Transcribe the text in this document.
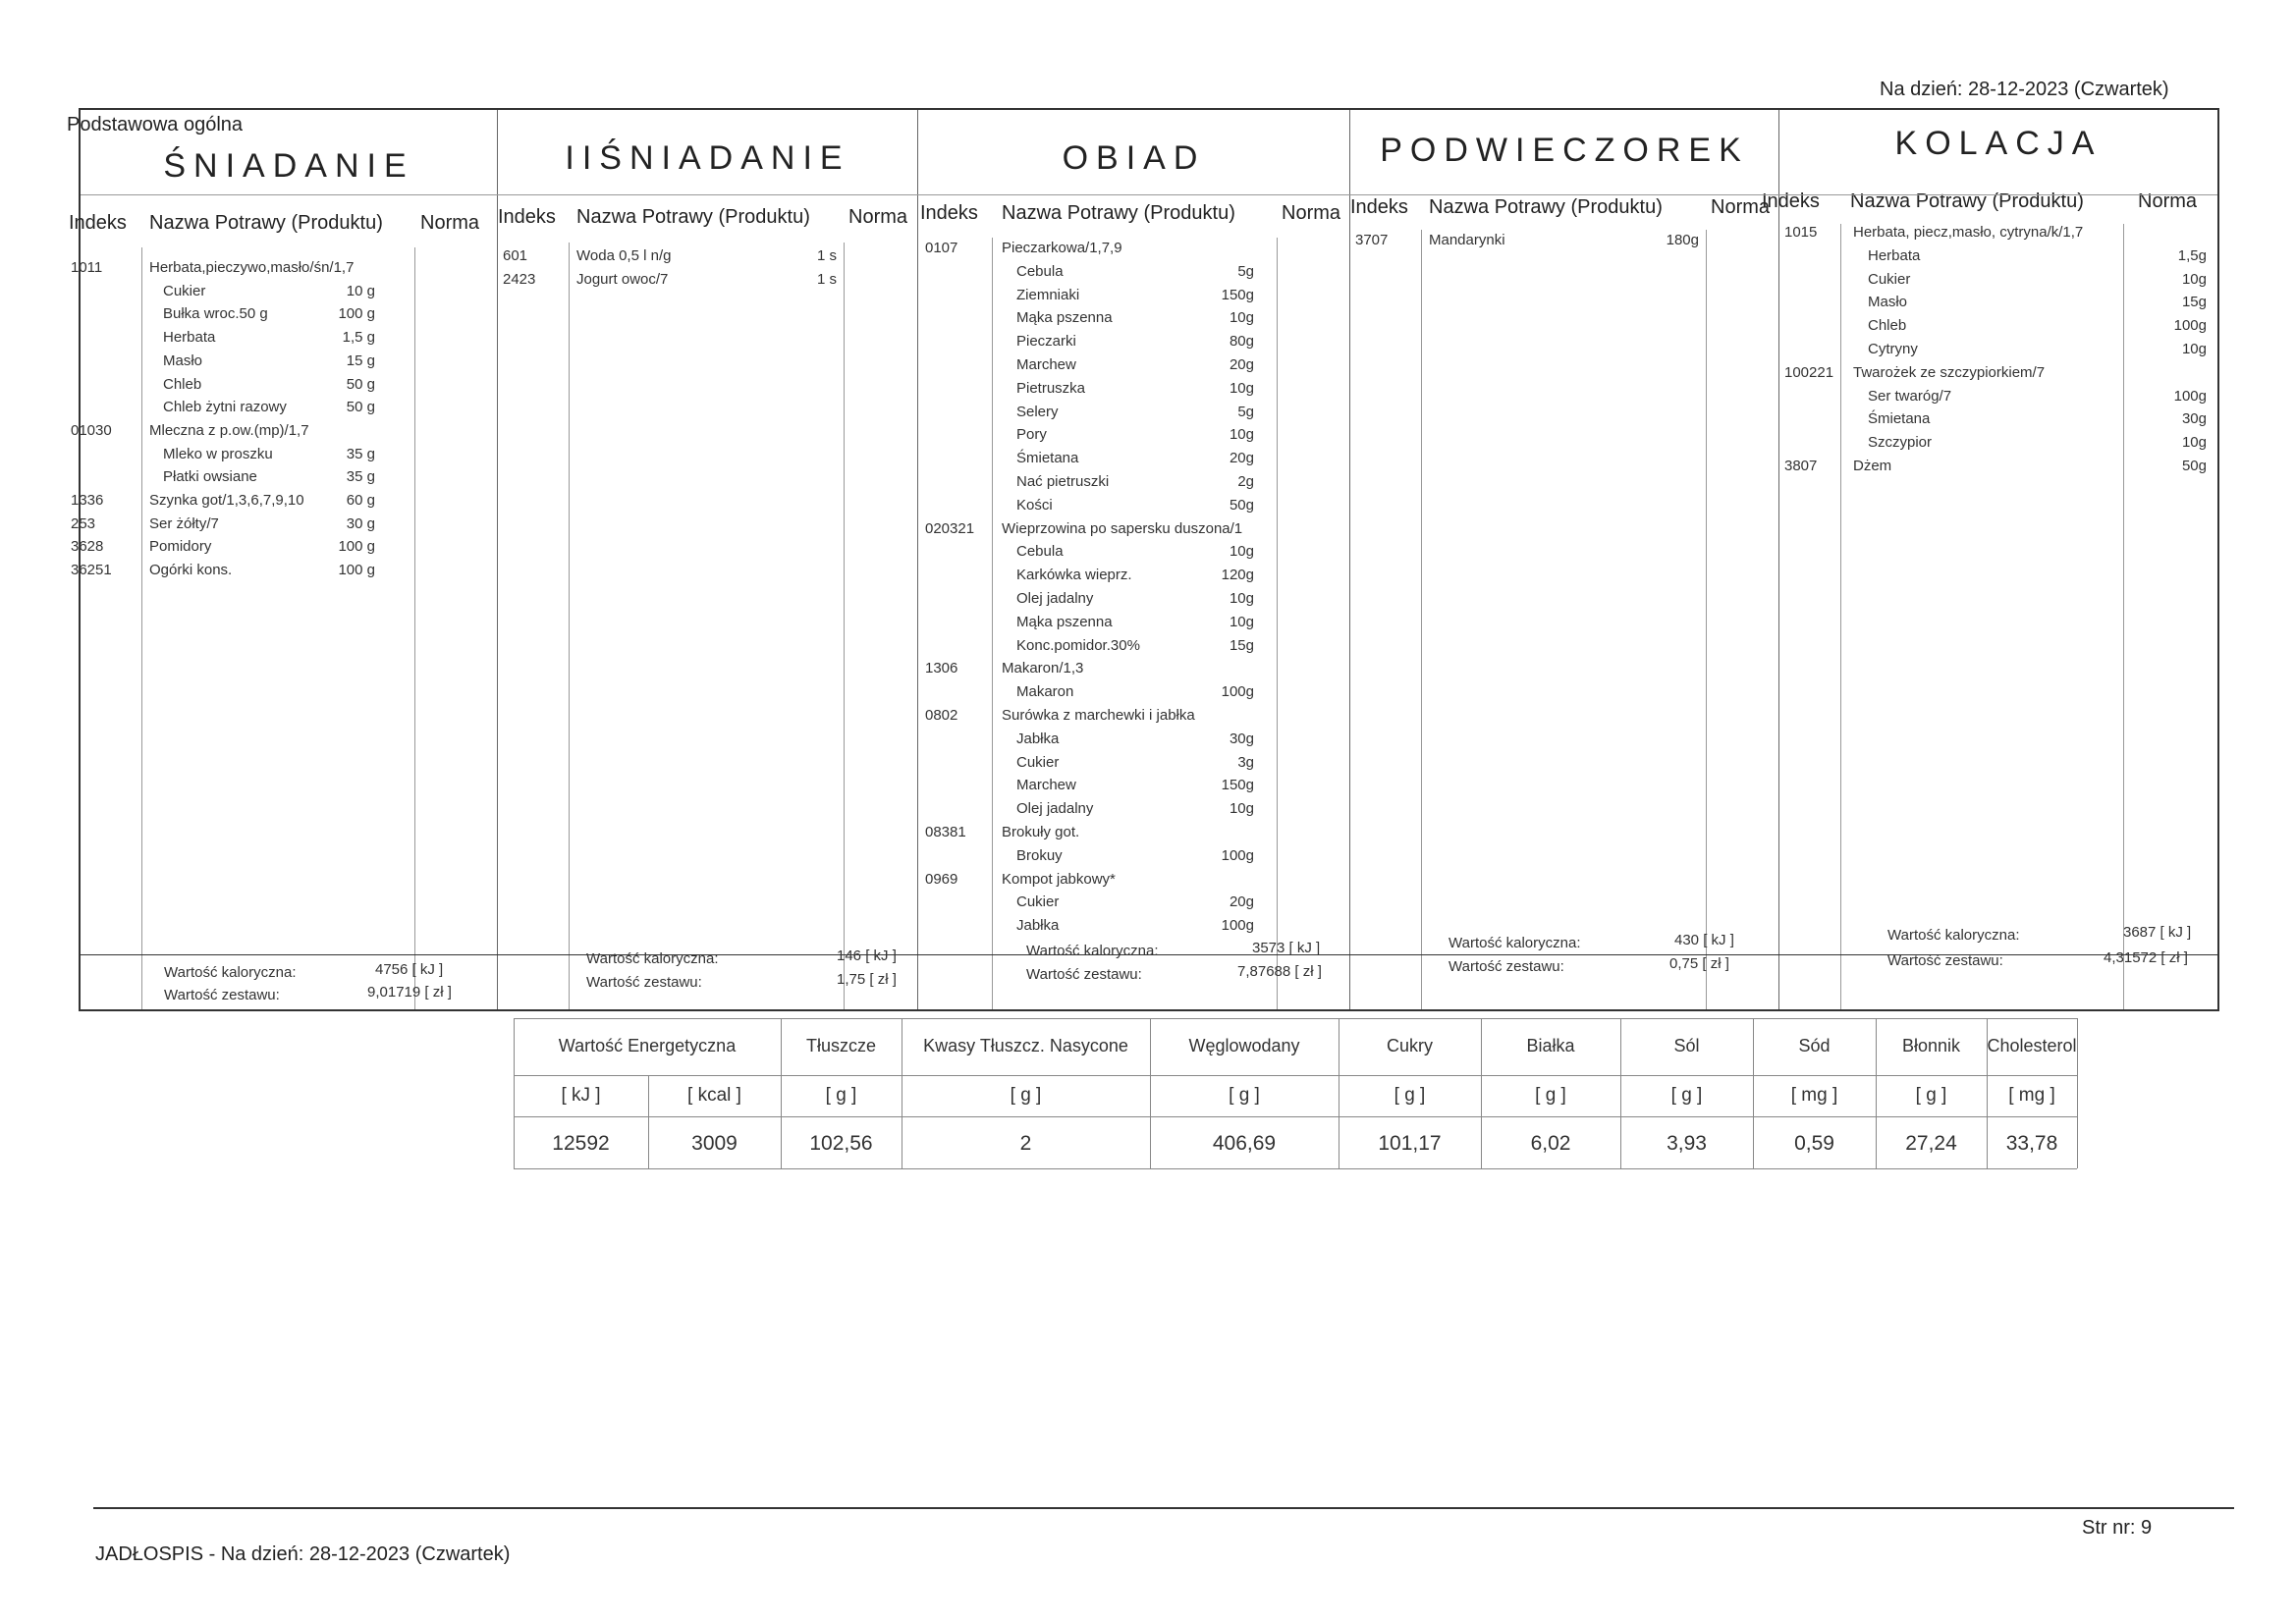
Na dzień: 28-12-2023 (Czwartek)
Podstawowa ogólna
ŚNIADANIE
Indeks Nazwa Potrawy (Produktu) Norma
1011	Herbata,pieczywo,masło/śn/1,7
Cukier	10 g
Bułka wroc.50 g	100 g
Herbata	1,5 g
Masło	15 g
Chleb	50 g
Chleb żytni razowy	50 g
01030	Mleczna z p.ow.(mp)/1,7
Mleko w proszku	35 g
Płatki owsiane	35 g
1336	Szynka got/1,3,6,7,9,10	60 g
253	Ser żółty/7	30 g
3628	Pomidory	100 g
36251	Ogórki kons.	100 g
Wartość kaloryczna:
Wartość zestawu:
4756 [ kJ ]
9,01719 [ zł ]
IIŚNIADANIE
Indeks Nazwa Potrawy (Produktu) Norma
601	Woda 0,5 l n/g	1 s
2423	Jogurt owoc/7	1 s
Wartość kaloryczna:
Wartość zestawu:
146 [ kJ ]
1,75 [ zł ]
OBIAD
Indeks Nazwa Potrawy (Produktu) Norma
0107	Pieczarkowa/1,7,9
Cebula	5g
Ziemniaki	150g
Mąka pszenna	10g
Pieczarki	80g
Marchew	20g
Pietruszka	10g
Selery	5g
Pory	10g
Śmietana	20g
Nać pietruszki	2g
Kości	50g
020321 Wieprzowina po sapersku duszona/1
Cebula	10g
Karkówka wieprz.	120g
Olej jadalny	10g
Mąka pszenna	10g
Konc.pomidor.30%	15g
1306	Makaron/1,3
Makaron	100g
0802	Surówka z marchewki i jabłka
Jabłka	30g
Cukier	3g
Marchew	150g
Olej jadalny	10g
08381 Brokuły got.
Brokuy	100g
0969	Kompot jabkowy*
Cukier	20g
Jabłka	100g
Wartość kaloryczna:
Wartość zestawu:
3573 [ kJ ]
7,87688 [ zł ]
PODWIECZOREK
Indeks Nazwa Potrawy (Produktu) Norma
3707	Mandarynki	180g
Wartość kaloryczna:
Wartość zestawu:
430 [ kJ ]
0,75 [ zł ]
KOLACJA
Indeks Nazwa Potrawy (Produktu)	Norma
1015 Herbata, piecz,masło, cytryna/k/1,7
Herbata	1,5g
Cukier	10g
Masło	15g
Chleb	100g
Cytryny	10g
100221 Twarożek ze szczypiorkiem/7
Ser twaróg/7	100g
Śmietana	30g
Szczypior	10g
3807 Dżem	50g
Wartość kaloryczna:
Wartość zestawu:
3687 [ kJ ]
4,31572 [ zł ]
Wartość Energetyczna	Tłuszcze	Kwasy Tłuszcz. Nasycone	Węglowodany	Cukry	Białka	Sól	Sód	Błonnik	Cholesterol
[ kJ ]	[ kcal ]	[ g ]	[ g ]	[ g ]	[ g ]	[ g ]	[ g ]	[ mg ]	[ g ]	[ mg ]
12592	3009	102,56	2	406,69	101,17	6,02	3,93	0,59	27,24	33,78
JADŁOSPIS - Na dzień: 28-12-2023 (Czwartek)
Str nr: 9
